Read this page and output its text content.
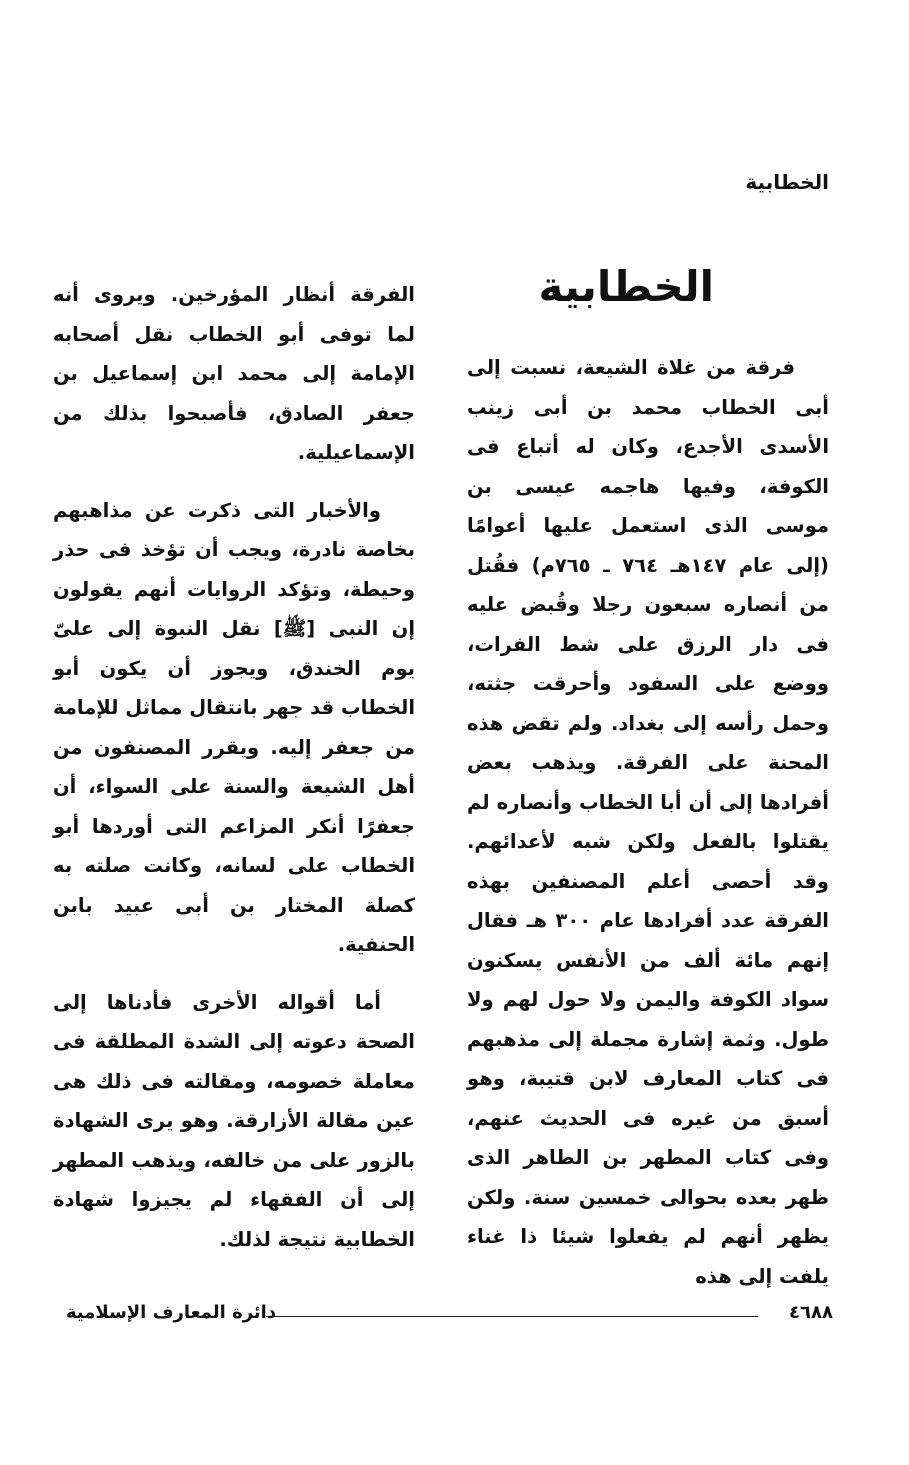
الخطابية
الخطابية

فرقة من غلاة الشيعة، نسبت إلى أبى الخطاب محمد بن أبى زينب الأسدى الأجدع، وكان له أتباع فى الكوفة، وفيها هاجمه عيسى بن موسى الذى استعمل عليها أعوامًا (إلى عام ١٤٧هـ ٧٦٤ ـ ٧٦٥م) فقُتل من أنصاره سبعون رجلا وقُبض عليه فى دار الرزق على شط الفرات، ووضع على السفود وأحرقت جثته، وحمل رأسه إلى بغداد. ولم تقض هذه المحنة على الفرقة. ويذهب بعض أفرادها إلى أن أبا الخطاب وأنصاره لم يقتلوا بالفعل ولكن شبه لأعدائهم. وقد أحصى أعلم المصنفين بهذه الفرقة عدد أفرادها عام ٣٠٠ هـ فقال إنهم مائة ألف من الأنفس يسكنون سواد الكوفة واليمن ولا حول لهم ولا طول. وثمة إشارة مجملة إلى مذهبهم فى كتاب المعارف لابن قتيبة، وهو أسبق من غيره فى الحديث عنهم، وفى كتاب المطهر بن الطاهر الذى ظهر بعده بحوالى خمسين سنة. ولكن يظهر أنهم لم يفعلوا شيئا ذا غناء يلفت إلى هذه

الفرقة أنظار المؤرخين. ويروى أنه لما توفى أبو الخطاب نقل أصحابه الإمامة إلى محمد ابن إسماعيل بن جعفر الصادق، فأصبحوا بذلك من الإسماعيلية.

والأخبار التى ذكرت عن مذاهبهم بخاصة نادرة، ويجب أن تؤخذ فى حذر وحيطة، وتؤكد الروايات أنهم يقولون إن النبى [ﷺ] نقل النبوة إلى علىّ يوم الخندق، ويجوز أن يكون أبو الخطاب قد جهر بانتقال مماثل للإمامة من جعفر إليه. ويقرر المصنفون من أهل الشيعة والسنة على السواء، أن جعفرًا أنكر المزاعم التى أوردها أبو الخطاب على لسانه، وكانت صلته به كصلة المختار بن أبى عبيد بابن الحنفية.

أما أقواله الأخرى فأدناها إلى الصحة دعوته إلى الشدة المطلقة فى معاملة خصومه، ومقالته فى ذلك هى عين مقالة الأزارقة. وهو يرى الشهادة بالزور على من خالفه، ويذهب المطهر إلى أن الفقهاء لم يجيزوا شهادة الخطابية نتيجة لذلك.

٤٦٨٨
دائرة المعارف الإسلامية
